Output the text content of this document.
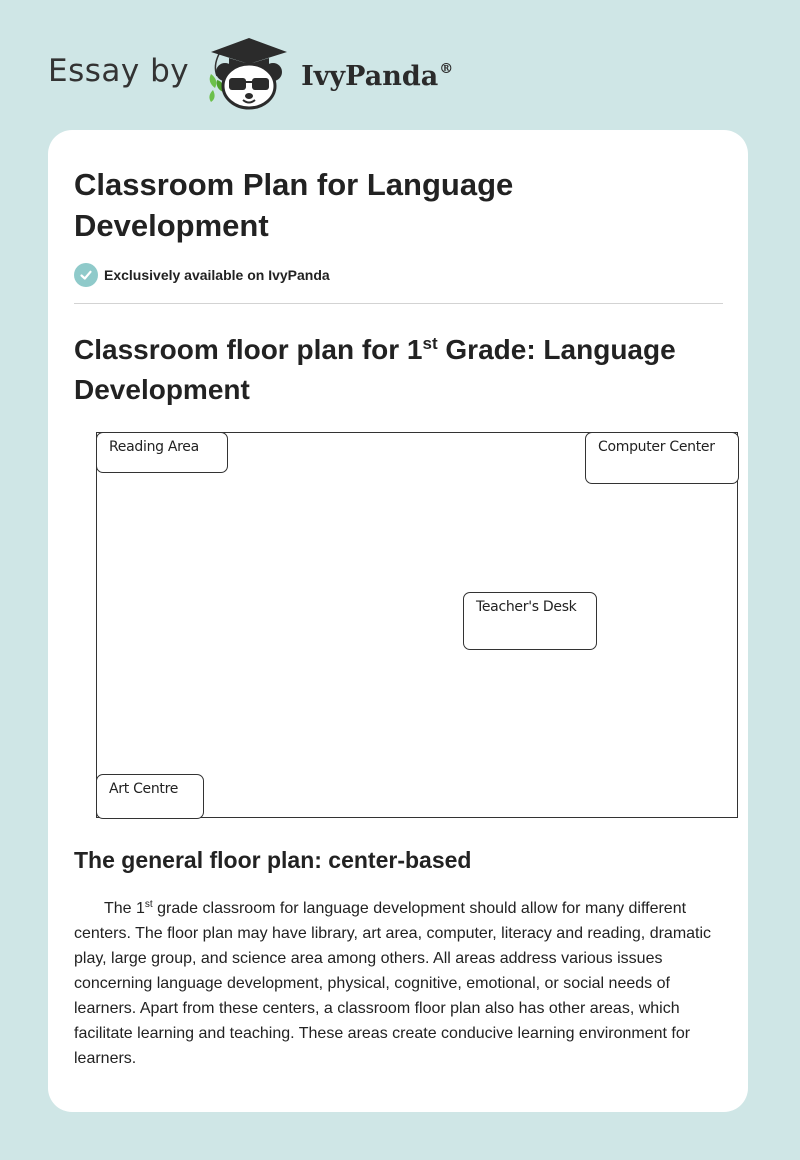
Essay by	IvyPanda®
Classroom Plan for Language Development
Exclusively available on IvyPanda
Classroom floor plan for 1st Grade: Language Development
Reading Area	Computer Center
Teacher's Desk
Art Centre
The general floor plan: center-based

The 1st grade classroom for language development should allow for many different centers. The floor plan may have library, art area, computer, literacy and reading, dramatic play, large group, and science area among others. All areas address various issues concerning language development, physical, cognitive, emotional, or social needs of learners. Apart from these centers, a classroom floor plan also has other areas, which facilitate learning and teaching. These areas create conducive learning environment for learners.
